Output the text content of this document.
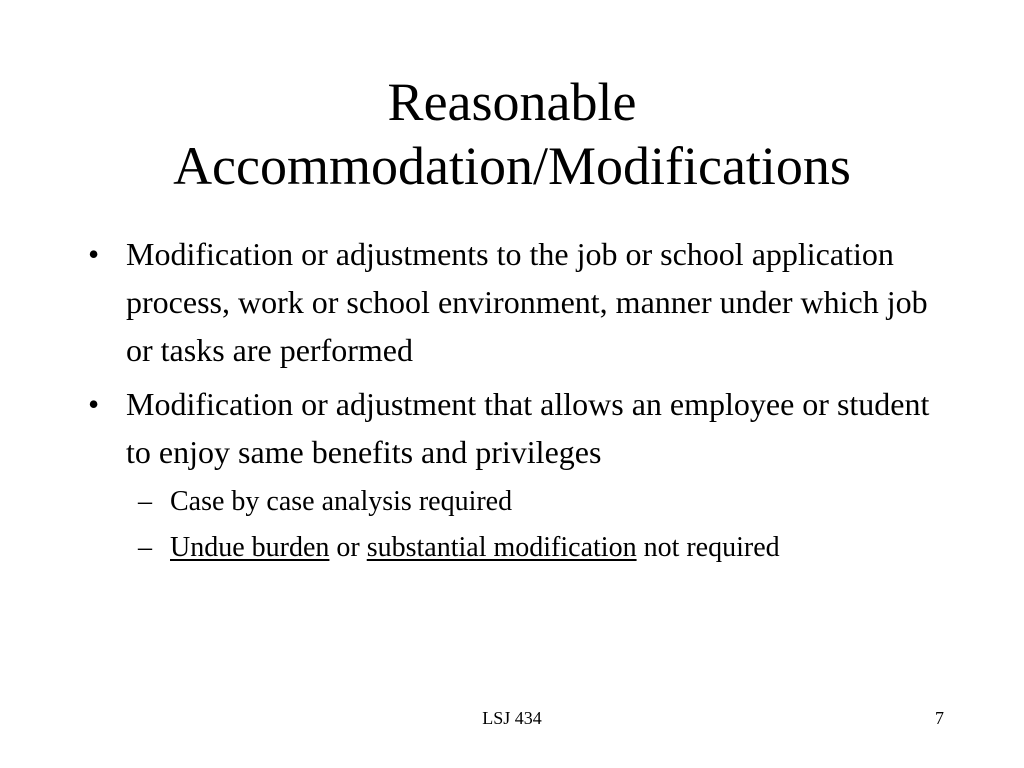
Reasonable
Accommodation/Modifications
• Modification or adjustments to the job or school application process, work or school environment, manner under which job or tasks are performed
• Modification or adjustment that allows an employee or student to enjoy same benefits and privileges
– Case by case analysis required
– Undue burden or substantial modification not required
LSJ 434	7
